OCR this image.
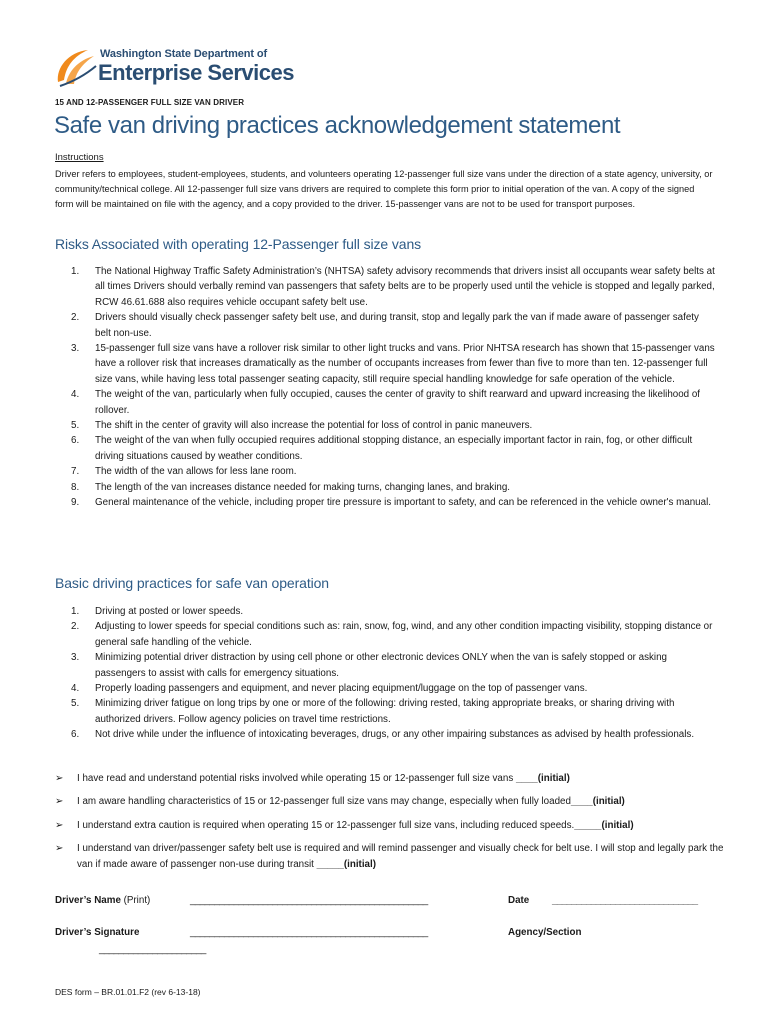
Washington State Department of
Enterprise Services
15 AND 12-PASSENGER FULL SIZE VAN DRIVER
Safe van driving practices acknowledgement statement
Instructions

Driver refers to employees, student-employees, students, and volunteers operating 12-passenger full size vans under the direction of a state agency, university, or community/technical college. All 12-passenger full size vans drivers are required to complete this form prior to initial operation of the van. A copy of the signed form will be maintained on file with the agency, and a copy provided to the driver. 15-passenger vans are not to be used for transport purposes.

Risks Associated with operating 12-Passenger full size vans
1. The National Highway Traffic Safety Administration’s (NHTSA) safety advisory recommends that drivers insist all occupants wear safety belts at all times Drivers should verbally remind van passengers that safety belts are to be properly used until the vehicle is stopped and legally parked, RCW 46.61.688 also requires vehicle occupant safety belt use.
2. Drivers should visually check passenger safety belt use, and during transit, stop and legally park the van if made aware of passenger safety belt non-use.
3. 15-passenger full size vans have a rollover risk similar to other light trucks and vans. Prior NHTSA research has shown that 15-passenger vans have a rollover risk that increases dramatically as the number of occupants increases from fewer than five to more than ten. 12-passenger full size vans, while having less total passenger seating capacity, still require special handling knowledge for safe operation of the vehicle.
4. The weight of the van, particularly when fully occupied, causes the center of gravity to shift rearward and upward increasing the likelihood of rollover.
5. The shift in the center of gravity will also increase the potential for loss of control in panic maneuvers.
6. The weight of the van when fully occupied requires additional stopping distance, an especially important factor in rain, fog, or other difficult driving situations caused by weather conditions.
7. The width of the van allows for less lane room.
8. The length of the van increases distance needed for making turns, changing lanes, and braking.
9. General maintenance of the vehicle, including proper tire pressure is important to safety, and can be referenced in the vehicle owner's manual.
Basic driving practices for safe van operation
1. Driving at posted or lower speeds.
2. Adjusting to lower speeds for special conditions such as: rain, snow, fog, wind, and any other condition impacting visibility, stopping distance or general safe handling of the vehicle.
3. Minimizing potential driver distraction by using cell phone or other electronic devices ONLY when the van is safely stopped or asking passengers to assist with calls for emergency situations.
4. Properly loading passengers and equipment, and never placing equipment/luggage on the top of passenger vans.
5. Minimizing driver fatigue on long trips by one or more of the following: driving rested, taking appropriate breaks, or sharing driving with authorized drivers. Follow agency policies on travel time restrictions.
6. Not drive while under the influence of intoxicating beverages, drugs, or any other impairing substances as advised by health professionals.
➢ I have read and understand potential risks involved while operating 15 or 12-passenger full size vans ____(initial)
➢ I am aware handling characteristics of 15 or 12-passenger full size vans may change, especially when fully loaded____(initial)
➢ I understand extra caution is required when operating 15 or 12-passenger full size vans, including reduced speeds._____(initial)
➢ I understand van driver/passenger safety belt use is required and will remind passenger and visually check for belt use. I will stop and legally park the van if made aware of passenger non-use during transit _____(initial)
Driver’s Name (Print)	_________________________________________________	Date ______________________________
Driver’s Signature	_________________________________________________	Agency/Section
______________________
DES form – BR.01.01.F2 (rev 6-13-18)
